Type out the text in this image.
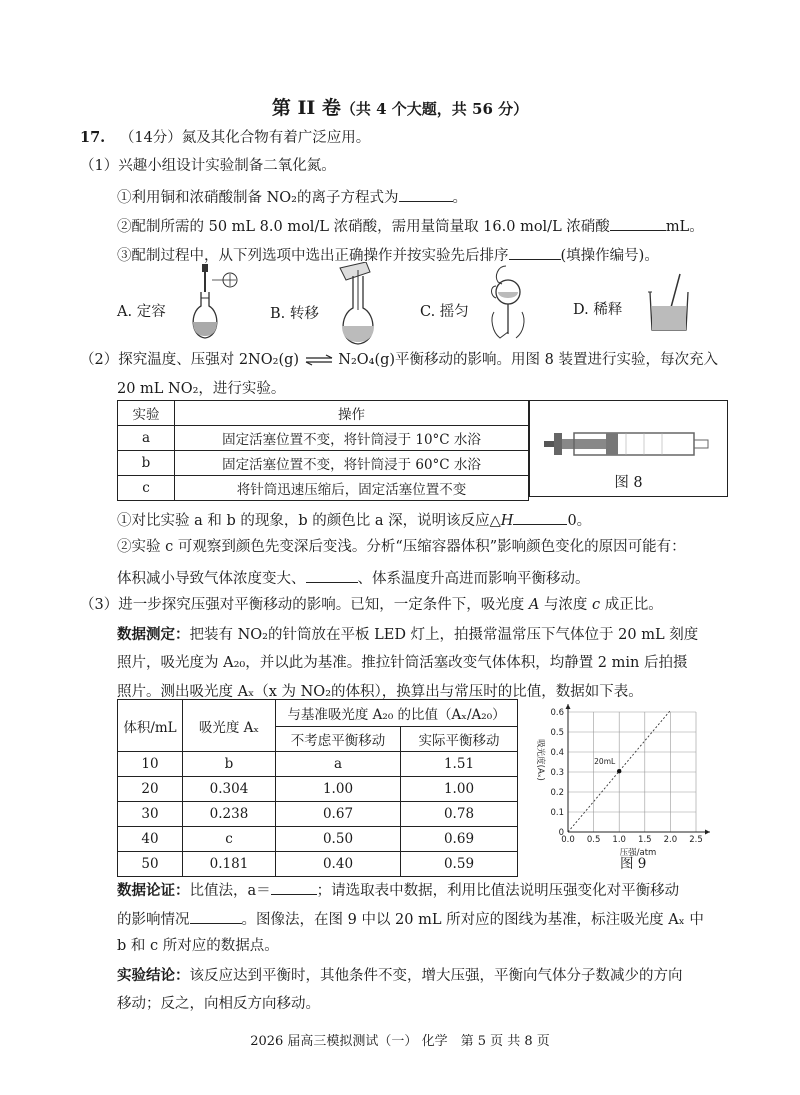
第 II 卷（共 4 个大题，共 56 分）
17. （14分）氮及其化合物有着广泛应用。
（1）兴趣小组设计实验制备二氧化氮。
①利用铜和浓硝酸制备 NO₂的离子方程式为	。
②配制所需的 50 mL 8.0 mol/L 浓硝酸，需用量筒量取 16.0 mol/L 浓硝酸	mL。
③配制过程中，从下列选项中选出正确操作并按实验先后排序	(填操作编号)。
A. 定容	B. 转移	C. 摇匀	D. 稀释
（2）探究温度、压强对 2NO₂(g) ⇌ N₂O₄(g)平衡移动的影响。用图 8 装置进行实验，每次充入
20 mL NO₂，进行实验。
实验	操作
a	固定活塞位置不变，将针筒浸于 10°C 水浴
b	固定活塞位置不变，将针筒浸于 60°C 水浴
c	将针筒迅速压缩后，固定活塞位置不变	图 8
①对比实验 a 和 b 的现象，b 的颜色比 a 深，说明该反应△H	0。
②实验 c 可观察到颜色先变深后变浅。分析“压缩容器体积”影响颜色变化的原因可能有：
体积减小导致气体浓度变大、	、体系温度升高进而影响平衡移动。
（3）进一步探究压强对平衡移动的影响。已知，一定条件下，吸光度 A 与浓度 c 成正比。
数据测定：把装有 NO₂的针筒放在平板 LED 灯上，拍摄常温常压下气体位于 20 mL 刻度
照片，吸光度为 A₂₀，并以此为基准。推拉针筒活塞改变气体体积，均静置 2 min 后拍摄
照片。测出吸光度 Aₓ（x 为 NO₂的体积），换算出与常压时的比值，数据如下表。
体积/mL	吸光度 Aₓ	与基准吸光度 A₂₀ 的比值（Aₓ/A₂₀）	
		不考虑平衡移动	实际平衡移动
10	b	a	1.51
20	0.304	1.00	1.00
30	0.238	0.67	0.78
40	c	0.50	0.69
50	0.181	0.40	0.59
0.0 0.5 1.0 1.5 2.0 2.5
0
0.1
0.2
0.3
0.4
0.5
0.6
20mL
压强/atm
吸光度(Aₓ)
图 9
数据论证：比值法，a＝	；请选取表中数据，利用比值法说明压强变化对平衡移动
的影响情况	。图像法，在图 9 中以 20 mL 所对应的图线为基准，标注吸光度 Aₓ 中
b 和 c 所对应的数据点。
实验结论：该反应达到平衡时，其他条件不变，增大压强，平衡向气体分子数减少的方向
移动；反之，向相反方向移动。
2026 届高三模拟测试（一） 化学　第 5 页 共 8 页
